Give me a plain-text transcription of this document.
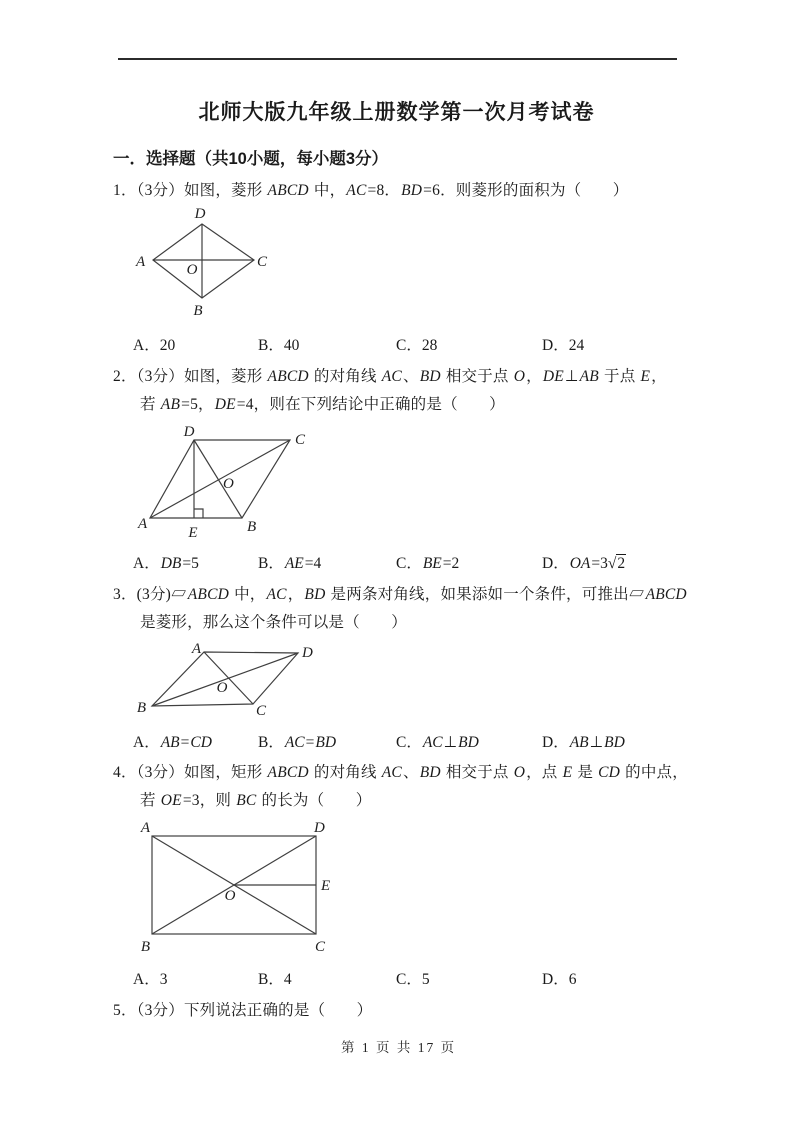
北师大版九年级上册数学第一次月考试卷
一．选择题（共10小题，每小题3分）
1．（3分）如图，菱形 ABCD 中，AC=8．BD=6．则菱形的面积为（　　）
D
A	C
B
O
A．20	B．40	C．28	D．24
2．（3分）如图，菱形 ABCD 的对角线 AC、BD 相交于点 O，DE⊥AB 于点 E，
若 AB=5，DE=4，则在下列结论中正确的是（　　）
D	C
A	B
E
O
A．DB=5	B．AE=4	C．BE=2	D．OA=3√2
3．(3分)▱ABCD 中，AC，BD 是两条对角线，如果添如一个条件，可推出▱ABCD
是菱形，那么这个条件可以是（　　）
A	D
B	C
O
A．AB=CD	B．AC=BD	C．AC⊥BD	D．AB⊥BD
4．（3分）如图，矩形 ABCD 的对角线 AC、BD 相交于点 O，点 E 是 CD 的中点，
若 OE=3，则 BC 的长为（　　）
A	D
B	C
E
O
A．3	B．4	C．5	D．6
5．（3分）下列说法正确的是（　　）
第 1 页 共 17 页
